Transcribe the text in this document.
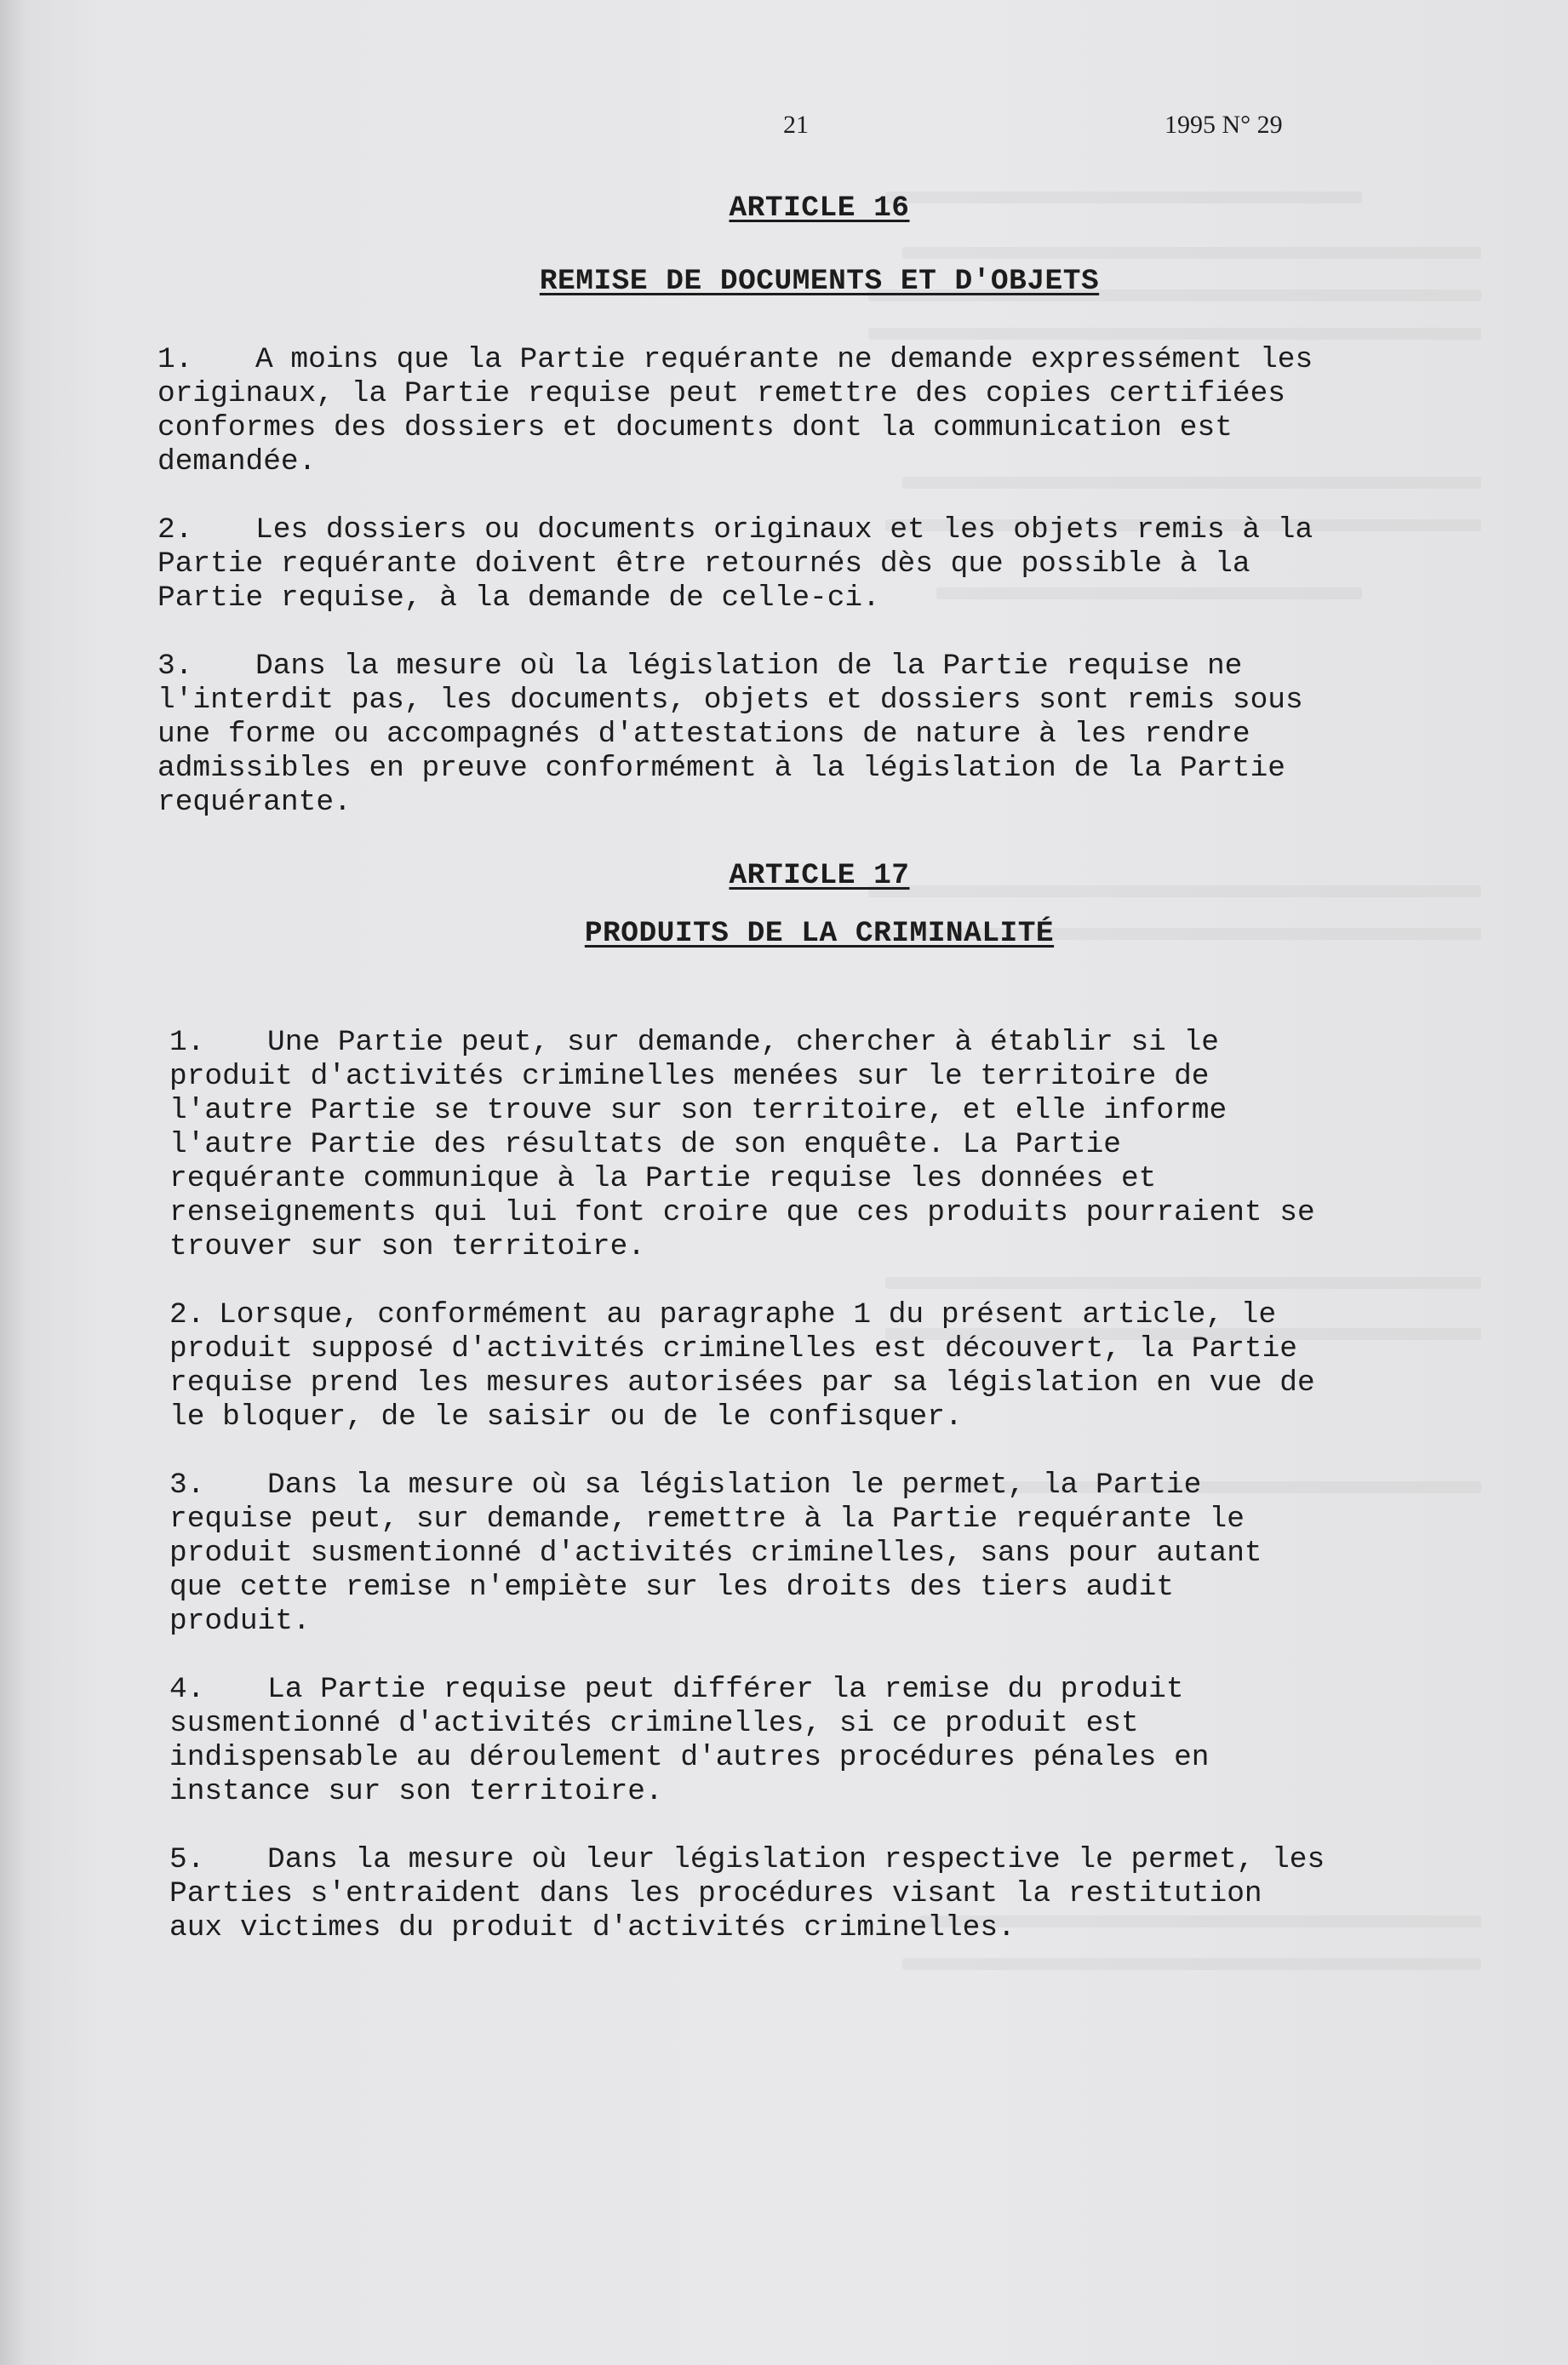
21	1995 N° 29
ARTICLE 16
REMISE DE DOCUMENTS ET D'OBJETS
1. A moins que la Partie requérante ne demande expressément les
originaux, la Partie requise peut remettre des copies certifiées
conformes des dossiers et documents dont la communication est
demandée.
2. Les dossiers ou documents originaux et les objets remis à la
Partie requérante doivent être retournés dès que possible à la
Partie requise, à la demande de celle-ci.
3. Dans la mesure où la législation de la Partie requise ne
l'interdit pas, les documents, objets et dossiers sont remis sous
une forme ou accompagnés d'attestations de nature à les rendre
admissibles en preuve conformément à la législation de la Partie
requérante.
ARTICLE 17
PRODUITS DE LA CRIMINALITÉ
1. Une Partie peut, sur demande, chercher à établir si le
produit d'activités criminelles menées sur le territoire de
l'autre Partie se trouve sur son territoire, et elle informe
l'autre Partie des résultats de son enquête. La Partie
requérante communique à la Partie requise les données et
renseignements qui lui font croire que ces produits pourraient se
trouver sur son territoire.
2. Lorsque, conformément au paragraphe 1 du présent article, le
produit supposé d'activités criminelles est découvert, la Partie
requise prend les mesures autorisées par sa législation en vue de
le bloquer, de le saisir ou de le confisquer.
3. Dans la mesure où sa législation le permet, la Partie
requise peut, sur demande, remettre à la Partie requérante le
produit susmentionné d'activités criminelles, sans pour autant
que cette remise n'empiète sur les droits des tiers audit
produit.
4. La Partie requise peut différer la remise du produit
susmentionné d'activités criminelles, si ce produit est
indispensable au déroulement d'autres procédures pénales en
instance sur son territoire.
5. Dans la mesure où leur législation respective le permet, les
Parties s'entraident dans les procédures visant la restitution
aux victimes du produit d'activités criminelles.
